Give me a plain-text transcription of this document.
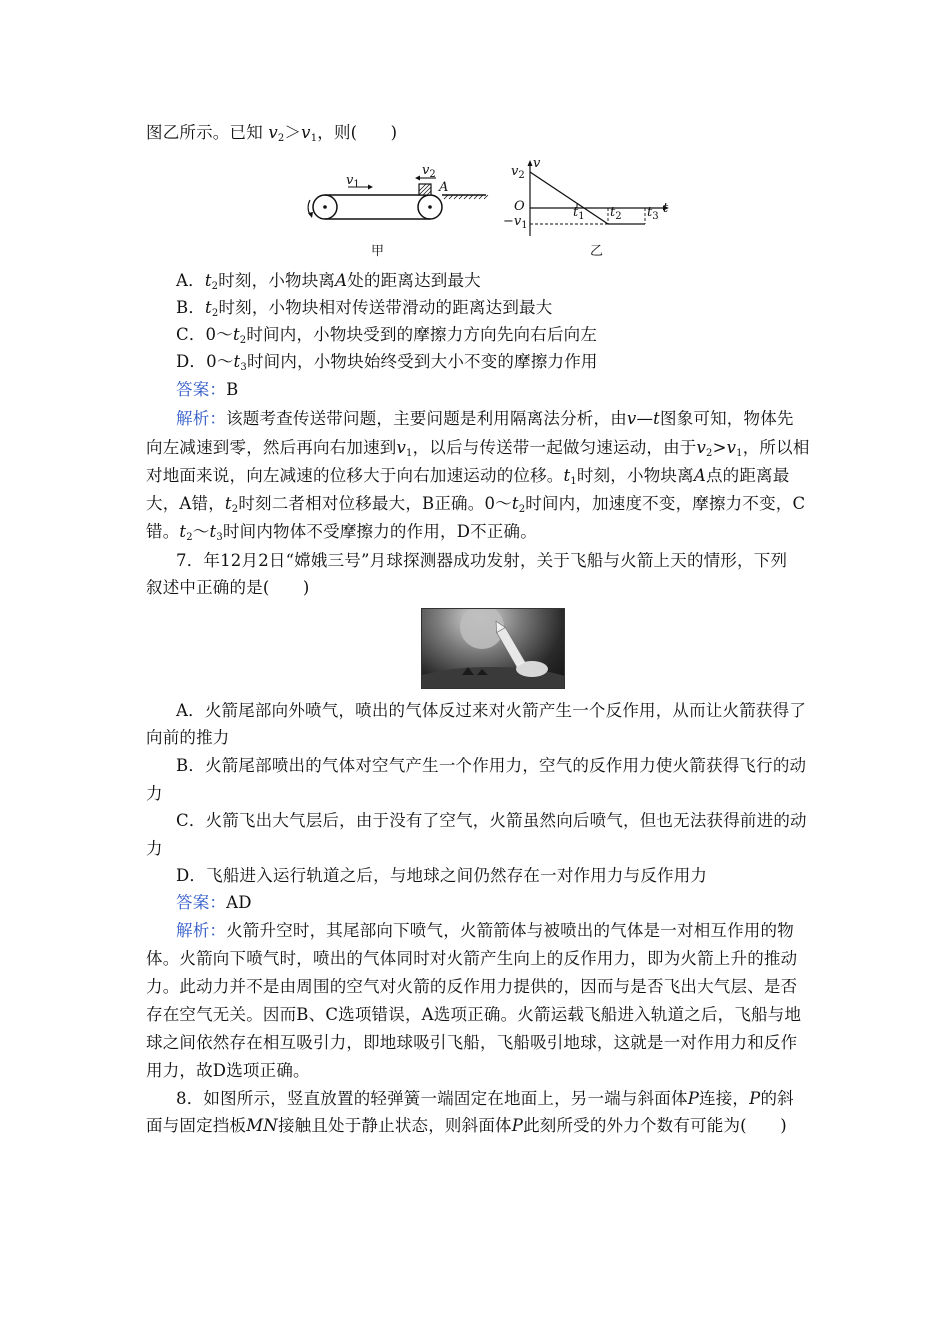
图乙所示。已知 $v_2>v_1$，则(　　)
$v_1$
$v_2$
A
甲
v
t
$v_2$
O
$-v_1$
$t_1$ $t_2$ $t_3$
乙
A．$t_2$时刻，小物块离A处的距离达到最大
B．$t_2$时刻，小物块相对传送带滑动的距离达到最大
C．$0\sim t_2$时间内，小物块受到的摩擦力方向先向右后向左
D．$0\sim t_3$时间内，小物块始终受到大小不变的摩擦力作用
答案：B
解析：该题考查传送带问题，主要问题是利用隔离法分析，由v—t图象可知，物体先
向左减速到零，然后再向右加速到$v_1$，以后与传送带一起做匀速运动，由于$v_2>v_1$，所以相
对地面来说，向左减速的位移大于向右加速运动的位移。$t_1$时刻，小物块离A点的距离最
大，A错，$t_2$时刻二者相对位移最大，B正确。$0\sim t_2$时间内，加速度不变，摩擦力不变，C
错。$t_2\sim t_3$时间内物体不受摩擦力的作用，D不正确。
7．年12月2日“嫦娥三号”月球探测器成功发射，关于飞船与火箭上天的情形，下列
叙述中正确的是(　　)
A．火箭尾部向外喷气，喷出的气体反过来对火箭产生一个反作用，从而让火箭获得了
向前的推力
B．火箭尾部喷出的气体对空气产生一个作用力，空气的反作用力使火箭获得飞行的动
力
C．火箭飞出大气层后，由于没有了空气，火箭虽然向后喷气，但也无法获得前进的动
力
D．飞船进入运行轨道之后，与地球之间仍然存在一对作用力与反作用力
答案：AD
解析：火箭升空时，其尾部向下喷气，火箭箭体与被喷出的气体是一对相互作用的物
体。火箭向下喷气时，喷出的气体同时对火箭产生向上的反作用力，即为火箭上升的推动
力。此动力并不是由周围的空气对火箭的反作用力提供的，因而与是否飞出大气层、是否
存在空气无关。因而B、C选项错误，A选项正确。火箭运载飞船进入轨道之后，飞船与地
球之间依然存在相互吸引力，即地球吸引飞船，飞船吸引地球，这就是一对作用力和反作
用力，故D选项正确。
8．如图所示，竖直放置的轻弹簧一端固定在地面上，另一端与斜面体P连接，P的斜
面与固定挡板MN接触且处于静止状态，则斜面体P此刻所受的外力个数有可能为(　　)
